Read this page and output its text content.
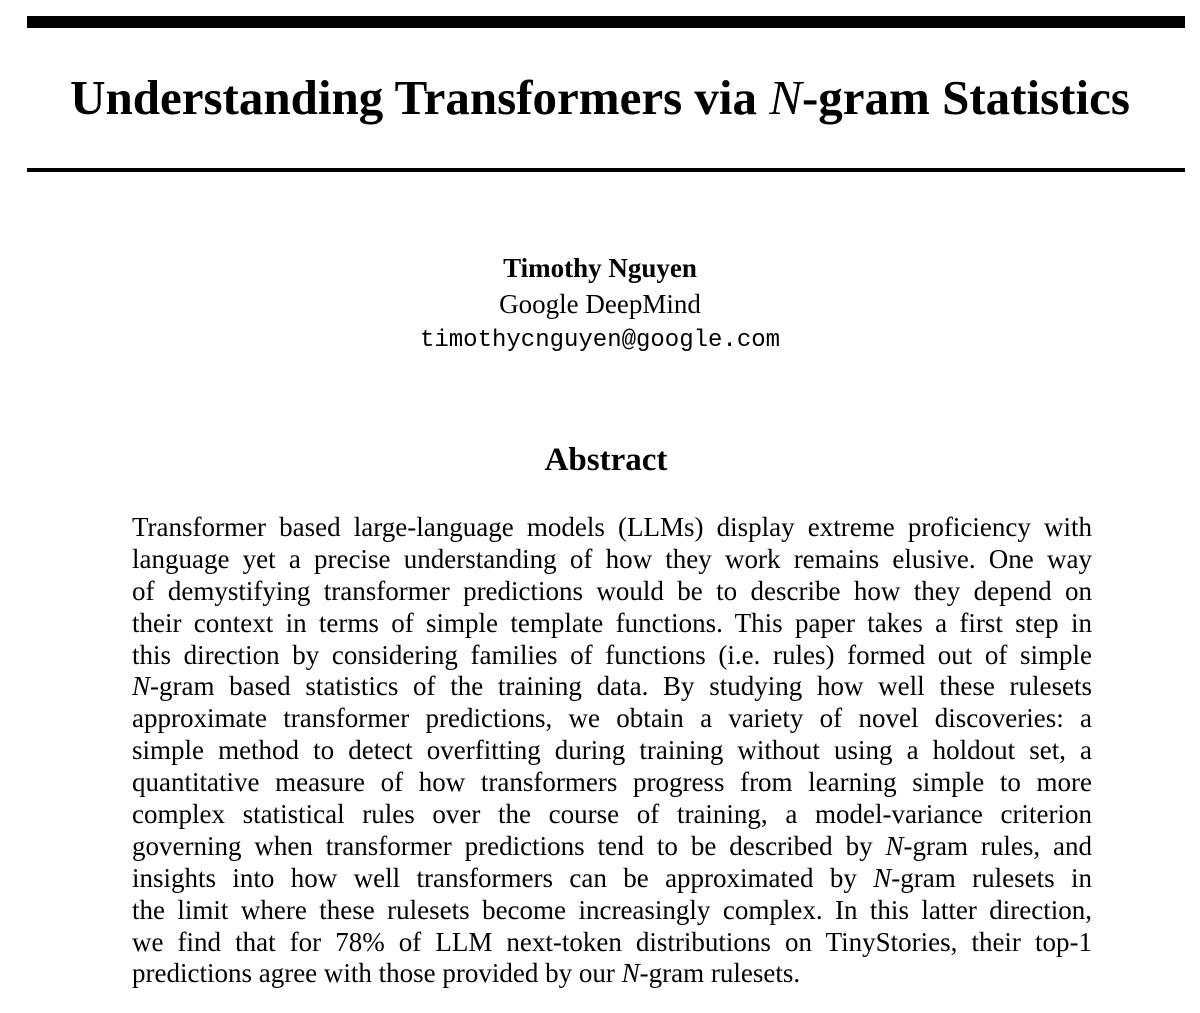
Understanding Transformers via N-gram Statistics
Timothy Nguyen
Google DeepMind
timothycnguyen@google.com
Abstract
Transformer based large-language models (LLMs) display extreme proficiency with
language yet a precise understanding of how they work remains elusive. One way
of demystifying transformer predictions would be to describe how they depend on
their context in terms of simple template functions. This paper takes a first step in
this direction by considering families of functions (i.e. rules) formed out of simple
N-gram based statistics of the training data. By studying how well these rulesets
approximate transformer predictions, we obtain a variety of novel discoveries: a
simple method to detect overfitting during training without using a holdout set, a
quantitative measure of how transformers progress from learning simple to more
complex statistical rules over the course of training, a model-variance criterion
governing when transformer predictions tend to be described by N-gram rules, and
insights into how well transformers can be approximated by N-gram rulesets in
the limit where these rulesets become increasingly complex. In this latter direction,
we find that for 78% of LLM next-token distributions on TinyStories, their top-1
predictions agree with those provided by our N-gram rulesets.
